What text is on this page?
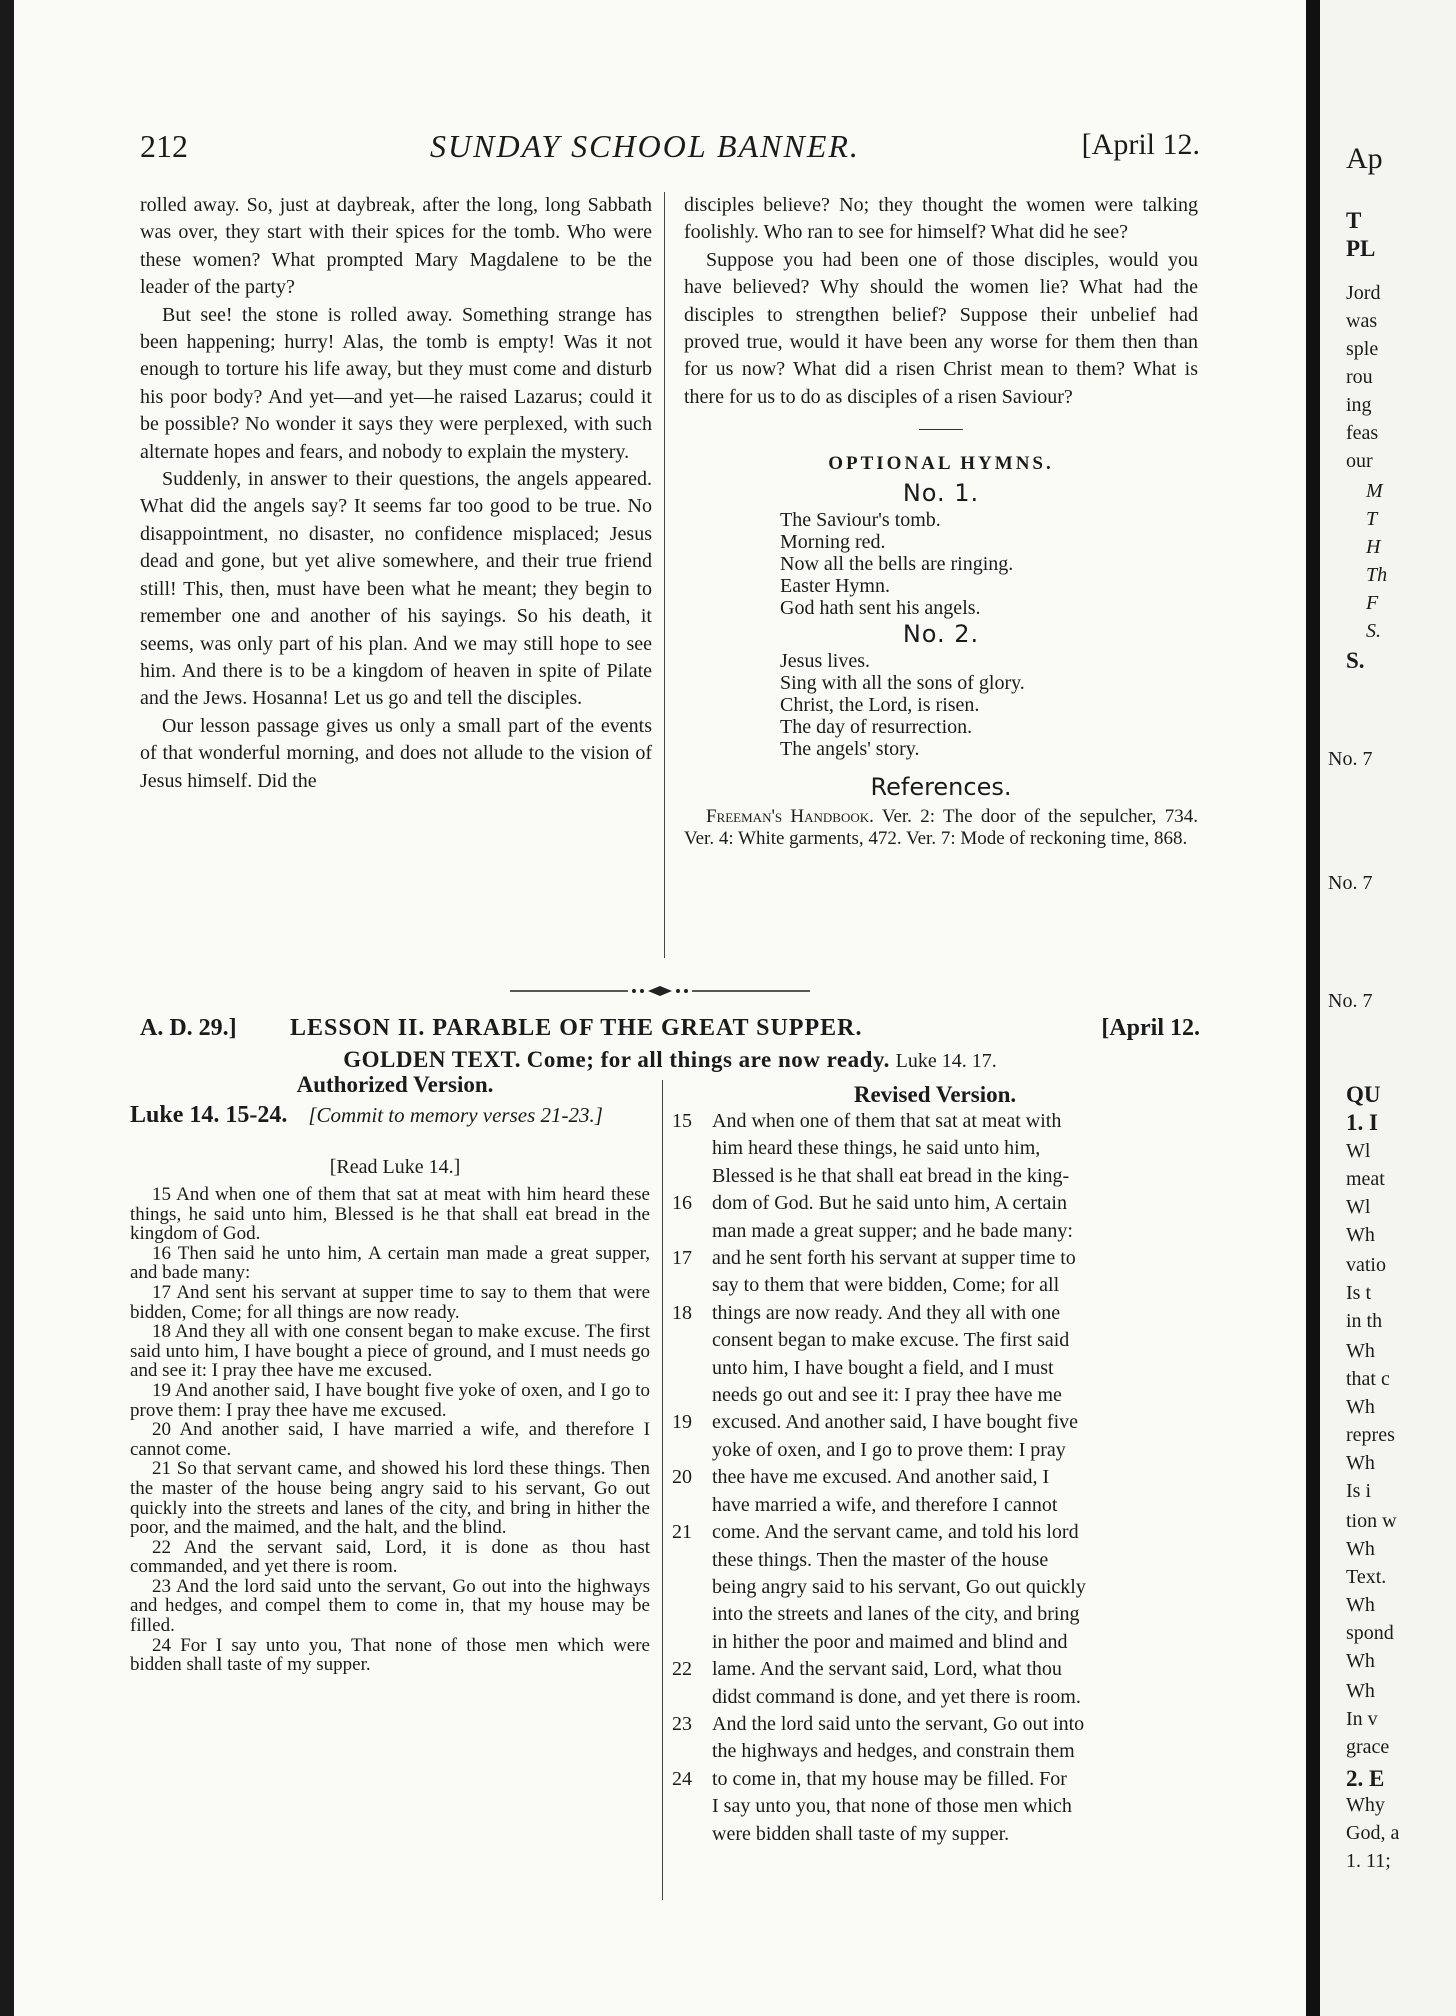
212	SUNDAY SCHOOL BANNER.	[April 12.

rolled away. So, just at daybreak, after the long, long Sabbath was over, they start with their spices for the tomb. Who were these women? What prompted Mary Magdalene to be the leader of the party?

But see! the stone is rolled away. Something strange has been happening; hurry! Alas, the tomb is empty! Was it not enough to torture his life away, but they must come and disturb his poor body? And yet—and yet—he raised Lazarus; could it be possible? No wonder it says they were perplexed, with such alternate hopes and fears, and nobody to explain the mystery.

Suddenly, in answer to their questions, the angels appeared. What did the angels say? It seems far too good to be true. No disappointment, no disaster, no confidence misplaced; Jesus dead and gone, but yet alive somewhere, and their true friend still! This, then, must have been what he meant; they begin to remember one and another of his sayings. So his death, it seems, was only part of his plan. And we may still hope to see him. And there is to be a kingdom of heaven in spite of Pilate and the Jews. Hosanna! Let us go and tell the disciples.

Our lesson passage gives us only a small part of the events of that wonderful morning, and does not allude to the vision of Jesus himself. Did the

disciples believe? No; they thought the women were talking foolishly. Who ran to see for himself? What did he see?

Suppose you had been one of those disciples, would you have believed? Why should the women lie? What had the disciples to strengthen belief? Suppose their unbelief had proved true, would it have been any worse for them then than for us now? What did a risen Christ mean to them? What is there for us to do as disciples of a risen Saviour?

OPTIONAL HYMNS.
No. 1.
The Saviour's tomb.
Morning red.
Now all the bells are ringing.
Easter Hymn.
God hath sent his angels.
No. 2.
Jesus lives.
Sing with all the sons of glory.
Christ, the Lord, is risen.
The day of resurrection.
The angels' story.
References.
Freeman's Handbook. Ver. 2: The door of the sepulcher, 734. Ver. 4: White garments, 472. Ver. 7: Mode of reckoning time, 868.
A. D. 29.] LESSON II. PARABLE OF THE GREAT SUPPER.	[April 12.
GOLDEN TEXT. Come; for all things are now ready. Luke 14. 17.
Authorized Version.
Luke 14. 15-24. [Commit to memory verses 21-23.]
[Read Luke 14.]
Revised Version.

15 And when one of them that sat at meat with him heard these things, he said unto him, Blessed is he that shall eat bread in the kingdom of God.

16 Then said he unto him, A certain man made a great supper, and bade many:

17 And sent his servant at supper time to say to them that were bidden, Come; for all things are now ready.

18 And they all with one consent began to make excuse. The first said unto him, I have bought a piece of ground, and I must needs go and see it: I pray thee have me excused.

19 And another said, I have bought five yoke of oxen, and I go to prove them: I pray thee have me excused.

20 And another said, I have married a wife, and therefore I cannot come.

21 So that servant came, and showed his lord these things. Then the master of the house being angry said to his servant, Go out quickly into the streets and lanes of the city, and bring in hither the poor, and the maimed, and the halt, and the blind.

22 And the servant said, Lord, it is done as thou hast commanded, and yet there is room.

23 And the lord said unto the servant, Go out into the highways and hedges, and compel them to come in, that my house may be filled.

24 For I say unto you, That none of those men which were bidden shall taste of my supper.

15 And when one of them that sat at meat with
him heard these things, he said unto him,
Blessed is he that shall eat bread in the king-
16 dom of God. But he said unto him, A certain
man made a great supper; and he bade many:
17 and he sent forth his servant at supper time to
say to them that were bidden, Come; for all
18 things are now ready. And they all with one
consent began to make excuse. The first said
unto him, I have bought a field, and I must
needs go out and see it: I pray thee have me
19 excused. And another said, I have bought five
yoke of oxen, and I go to prove them: I pray
20 thee have me excused. And another said, I
have married a wife, and therefore I cannot
21 come. And the servant came, and told his lord
these things. Then the master of the house
being angry said to his servant, Go out quickly
into the streets and lanes of the city, and bring
in hither the poor and maimed and blind and
22 lame. And the servant said, Lord, what thou
didst command is done, and yet there is room.
23 And the lord said unto the servant, Go out into
the highways and hedges, and constrain them
24 to come in, that my house may be filled. For
I say unto you, that none of those men which
were bidden shall taste of my supper.
Ap
T
PL
Jord
was
sple
rou
ing
feas
our
M
T
H
Th
F
S.
S.
No. 7
No. 7
No. 7
QU
1. I
Wl
meat
Wl
Wh
vatio
Is t
in th
Wh
that c
Wh
repres
Wh
Is i
tion w
Wh
Text.
Wh
spond
Wh
Wh
In v
grace
2. E
Why
God, a
1. 11;
